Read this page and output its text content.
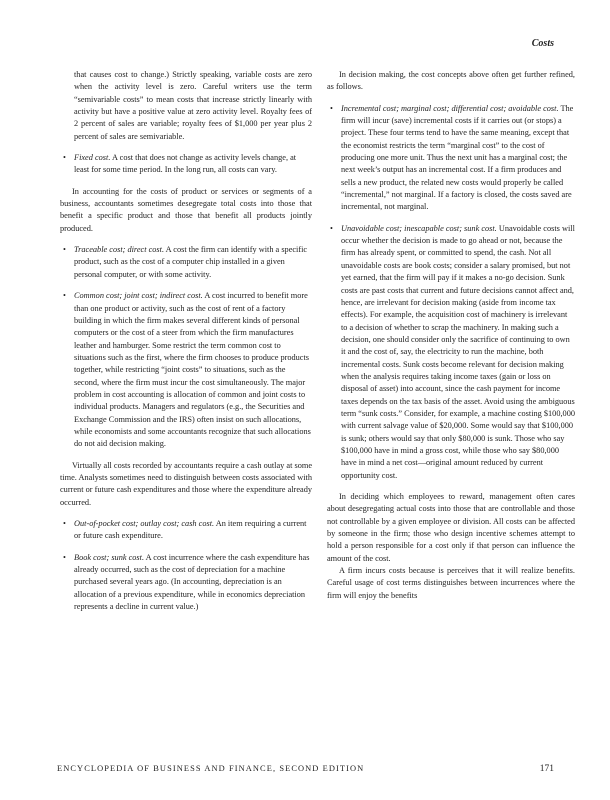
Costs

that causes cost to change.) Strictly speaking, variable costs are zero when the activity level is zero. Careful writers use the term “semivariable costs” to mean costs that increase strictly linearly with activity but have a positive value at zero activity level. Royalty fees of 2 percent of sales are variable; royalty fees of $1,000 per year plus 2 percent of sales are semivariable.

• Fixed cost. A cost that does not change as activity levels change, at least for some time period. In the long run, all costs can vary.

In accounting for the costs of product or services or segments of a business, accountants sometimes desegregate total costs into those that benefit a specific product and those that benefit all products jointly produced.

• Traceable cost; direct cost. A cost the firm can identify with a specific product, such as the cost of a computer chip installed in a given personal computer, or with some activity.
• Common cost; joint cost; indirect cost. A cost incurred to benefit more than one product or activity, such as the cost of rent of a factory building in which the firm makes several different kinds of personal computers or the cost of a steer from which the firm manufactures leather and hamburger. Some restrict the term common cost to situations such as the first, where the firm chooses to produce products together, while restricting “joint costs” to situations, such as the second, where the firm must incur the cost simultaneously. The major problem in cost accounting is allocation of common and joint costs to individual products. Managers and regulators (e.g., the Securities and Exchange Commission and the IRS) often insist on such allocations, while economists and some accountants recognize that such allocations do not aid decision making.

Virtually all costs recorded by accountants require a cash outlay at some time. Analysts sometimes need to distinguish between costs associated with current or future cash expenditures and those where the expenditure already occurred.

• Out-of-pocket cost; outlay cost; cash cost. An item requiring a current or future cash expenditure.
• Book cost; sunk cost. A cost incurrence where the cash expenditure has already occurred, such as the cost of depreciation for a machine purchased several years ago. (In accounting, depreciation is an allocation of a previous expenditure, while in economics depreciation represents a decline in current value.)

In decision making, the cost concepts above often get further refined, as follows.

• Incremental cost; marginal cost; differential cost; avoidable cost. The firm will incur (save) incremental costs if it carries out (or stops) a project. These four terms tend to have the same meaning, except that the economist restricts the term “marginal cost” to the cost of producing one more unit. Thus the next unit has a marginal cost; the next week’s output has an incremental cost. If a firm produces and sells a new product, the related new costs would properly be called “incremental,” not marginal. If a factory is closed, the costs saved are incremental, not marginal.
• Unavoidable cost; inescapable cost; sunk cost. Unavoidable costs will occur whether the decision is made to go ahead or not, because the firm has already spent, or committed to spend, the cash. Not all unavoidable costs are book costs; consider a salary promised, but not yet earned, that the firm will pay if it makes a no-go decision. Sunk costs are past costs that current and future decisions cannot affect and, hence, are irrelevant for decision making (aside from income tax effects). For example, the acquisition cost of machinery is irrelevant to a decision of whether to scrap the machinery. In making such a decision, one should consider only the sacrifice of continuing to own it and the cost of, say, the electricity to run the machine, both incremental costs. Sunk costs become relevant for decision making when the analysis requires taking income taxes (gain or loss on disposal of asset) into account, since the cash payment for income taxes depends on the tax basis of the asset. Avoid using the ambiguous term “sunk costs.” Consider, for example, a machine costing $100,000 with current salvage value of $20,000. Some would say that $100,000 is sunk; others would say that only $80,000 is sunk. Those who say $100,000 have in mind a gross cost, while those who say $80,000 have in mind a net cost—original amount reduced by current opportunity cost.

In deciding which employees to reward, management often cares about desegregating actual costs into those that are controllable and those not controllable by a given employee or division. All costs can be affected by someone in the firm; those who design incentive schemes attempt to hold a person responsible for a cost only if that person can influence the amount of the cost.

A firm incurs costs because is perceives that it will realize benefits. Careful usage of cost terms distinguishes between incurrences where the firm will enjoy the benefits

ENCYCLOPEDIA OF BUSINESS AND FINANCE, SECOND EDITION	171
